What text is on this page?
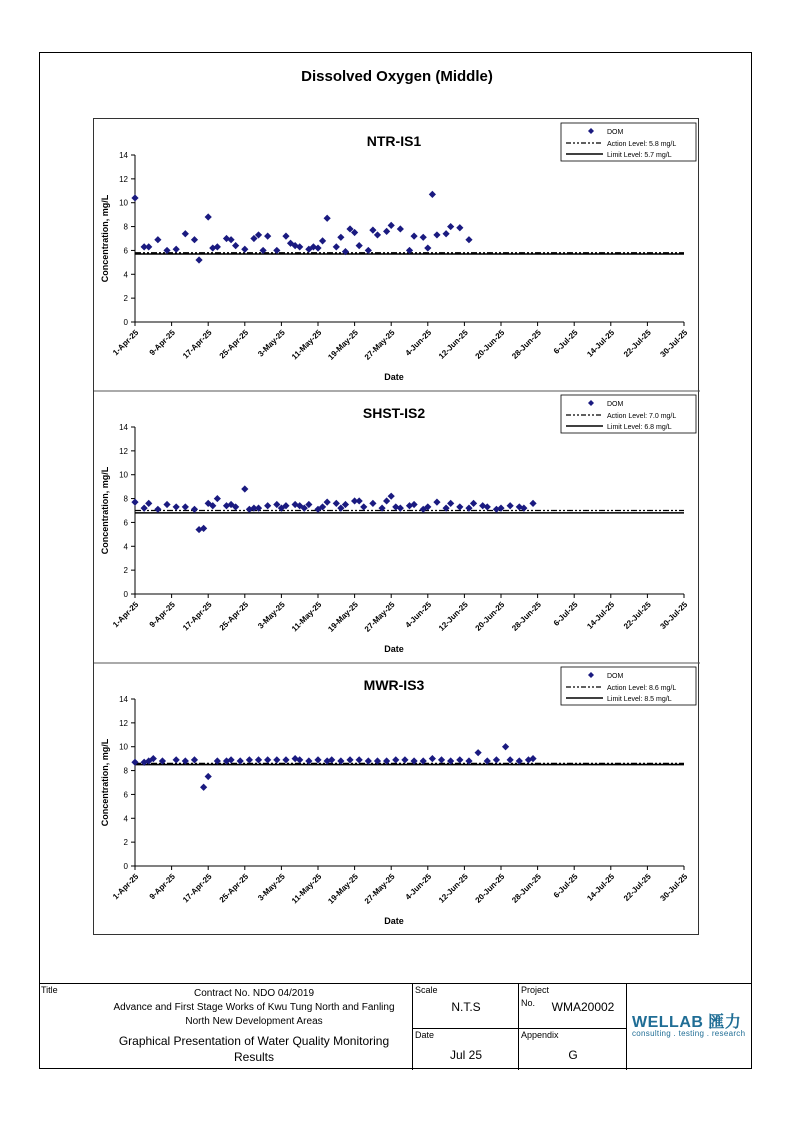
Dissolved Oxygen (Middle)
NTR-IS1
0
2
4
6
8
10
12
14
Concentration, mg/L
1-Apr-25 9-Apr-25 17-Apr-25 25-Apr-25 3-May-25 11-May-25 19-May-25 27-May-25 4-Jun-25 12-Jun-25 20-Jun-25 28-Jun-25 6-Jul-25 14-Jul-25 22-Jul-25 30-Jul-25
Date
DOM
Action Level: 5.8 mg/L
Limit Level: 5.7 mg/L
SHST-IS2
0
2
4
6
8
10
12
14
Concentration, mg/L
1-Apr-25 9-Apr-25 17-Apr-25 25-Apr-25 3-May-25 11-May-25 19-May-25 27-May-25 4-Jun-25 12-Jun-25 20-Jun-25 28-Jun-25 6-Jul-25 14-Jul-25 22-Jul-25 30-Jul-25
Date
DOM
Action Level: 7.0 mg/L
Limit Level: 6.8 mg/L
MWR-IS3
0
2
4
6
8
10
12
14
Concentration, mg/L
1-Apr-25 9-Apr-25 17-Apr-25 25-Apr-25 3-May-25 11-May-25 19-May-25 27-May-25 4-Jun-25 12-Jun-25 20-Jun-25 28-Jun-25 6-Jul-25 14-Jul-25 22-Jul-25 30-Jul-25
Date
DOM
Action Level: 8.6 mg/L
Limit Level: 8.5 mg/L
Title	Contract No. NDO 04/2019
Advance and First Stage Works of Kwu Tung North and Fanling
North New Development Areas
Graphical Presentation of Water Quality Monitoring
Results
Scale
N.T.S
Date
Jul 25
Project
No.	WMA20002
Appendix
G
WELLAB 匯力
consulting . testing . research
